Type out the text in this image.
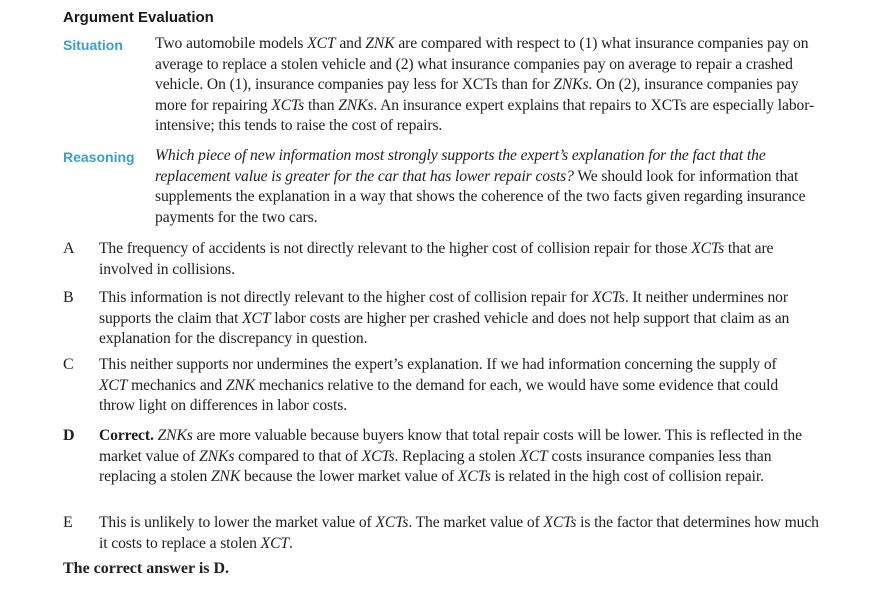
Argument Evaluation
Situation Two automobile models XCT and ZNK are compared with respect to (1) what insurance companies pay on average to replace a stolen vehicle and (2) what insurance companies pay on average to repair a crashed vehicle. On (1), insurance companies pay less for XCTs than for ZNKs. On (2), insurance companies pay more for repairing XCTs than ZNKs. An insurance expert explains that repairs to XCTs are especially labor-intensive; this tends to raise the cost of repairs.
Reasoning Which piece of new information most strongly supports the expert’s explanation for the fact that the replacement value is greater for the car that has lower repair costs? We should look for information that supplements the explanation in a way that shows the coherence of the two facts given regarding insurance payments for the two cars.
A The frequency of accidents is not directly relevant to the higher cost of collision repair for those XCTs that are involved in collisions.
B This information is not directly relevant to the higher cost of collision repair for XCTs. It neither undermines nor supports the claim that XCT labor costs are higher per crashed vehicle and does not help support that claim as an explanation for the discrepancy in question.
C This neither supports nor undermines the expert’s explanation. If we had information concerning the supply of XCT mechanics and ZNK mechanics relative to the demand for each, we would have some evidence that could throw light on differences in labor costs.
D Correct. ZNKs are more valuable because buyers know that total repair costs will be lower. This is reflected in the market value of ZNKs compared to that of XCTs. Replacing a stolen XCT costs insurance companies less than replacing a stolen ZNK because the lower market value of XCTs is related in the high cost of collision repair.
E This is unlikely to lower the market value of XCTs. The market value of XCTs is the factor that determines how much it costs to replace a stolen XCT.
The correct answer is D.
